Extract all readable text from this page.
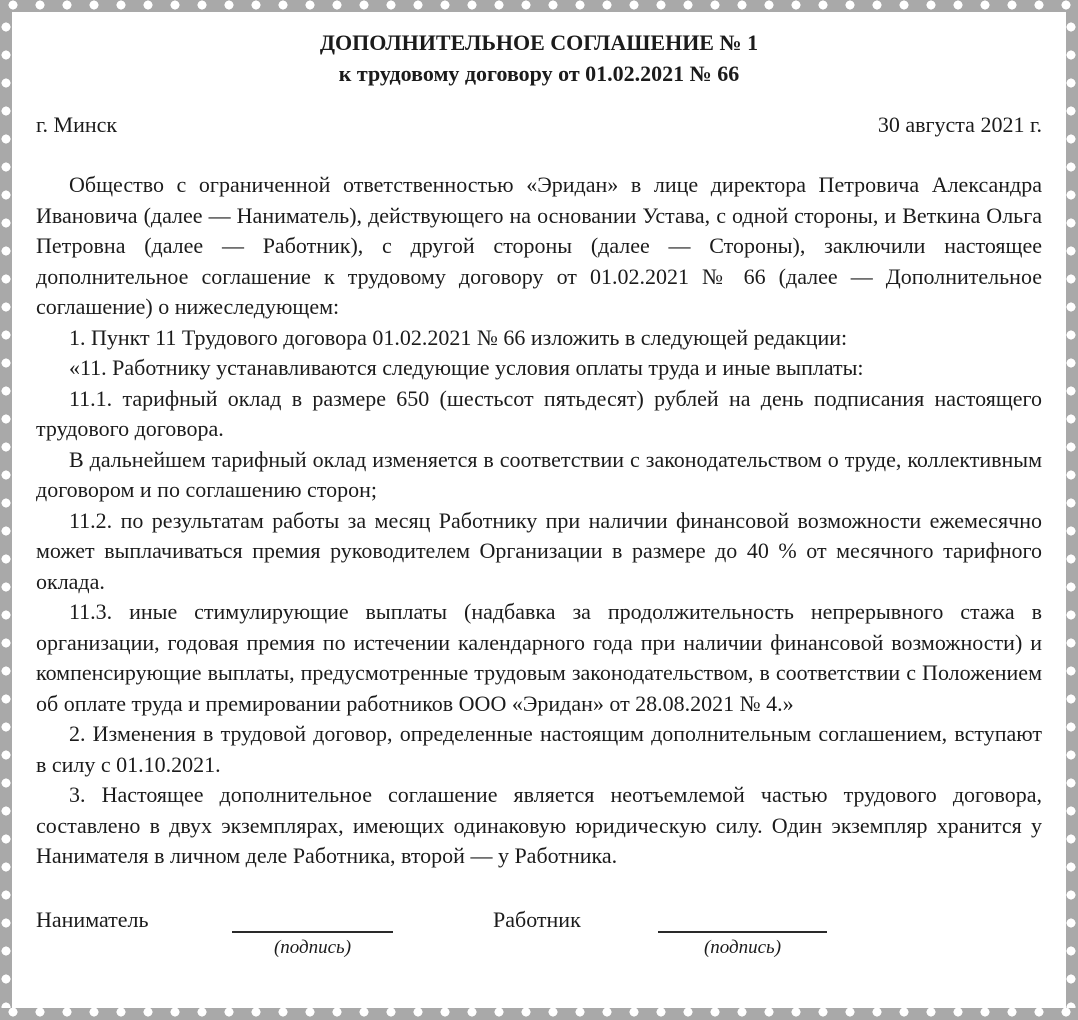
ДОПОЛНИТЕЛЬНОЕ СОГЛАШЕНИЕ № 1
к трудовому договору от 01.02.2021 № 66
г. Минск	30 августа 2021 г.

Общество с ограниченной ответственностью «Эридан» в лице директора Петровича Александра Ивановича (далее — Наниматель), действующего на основании Устава, с одной стороны, и Веткина Ольга Петровна (далее — Работник), с другой стороны (далее — Стороны), заключили настоящее дополнительное соглашение к трудовому договору от 01.02.2021 № 66 (далее — Дополнительное соглашение) о нижеследующем:

1. Пункт 11 Трудового договора 01.02.2021 № 66 изложить в следующей редакции:

«11. Работнику устанавливаются следующие условия оплаты труда и иные выплаты:

11.1. тарифный оклад в размере 650 (шестьсот пятьдесят) рублей на день подписания настоящего трудового договора.

В дальнейшем тарифный оклад изменяется в соответствии с законодательством о труде, коллективным договором и по соглашению сторон;

11.2. по результатам работы за месяц Работнику при наличии финансовой возможности ежемесячно может выплачиваться премия руководителем Организации в размере до 40 % от месячного тарифного оклада.

11.3. иные стимулирующие выплаты (надбавка за продолжительность непрерывного стажа в организации, годовая премия по истечении календарного года при наличии финансовой возможности) и компенсирующие выплаты, предусмотренные трудовым законодательством, в соответствии с Положением об оплате труда и премировании работников ООО «Эридан» от 28.08.2021 № 4.»

2. Изменения в трудовой договор, определенные настоящим дополнительным соглашением, вступают в силу с 01.10.2021.

3. Настоящее дополнительное соглашение является неотъемлемой частью трудового договора, составлено в двух экземплярах, имеющих одинаковую юридическую силу. Один экземпляр хранится у Нанимателя в личном деле Работника, второй — у Работника.

Наниматель
(подпись)
Работник
(подпись)
